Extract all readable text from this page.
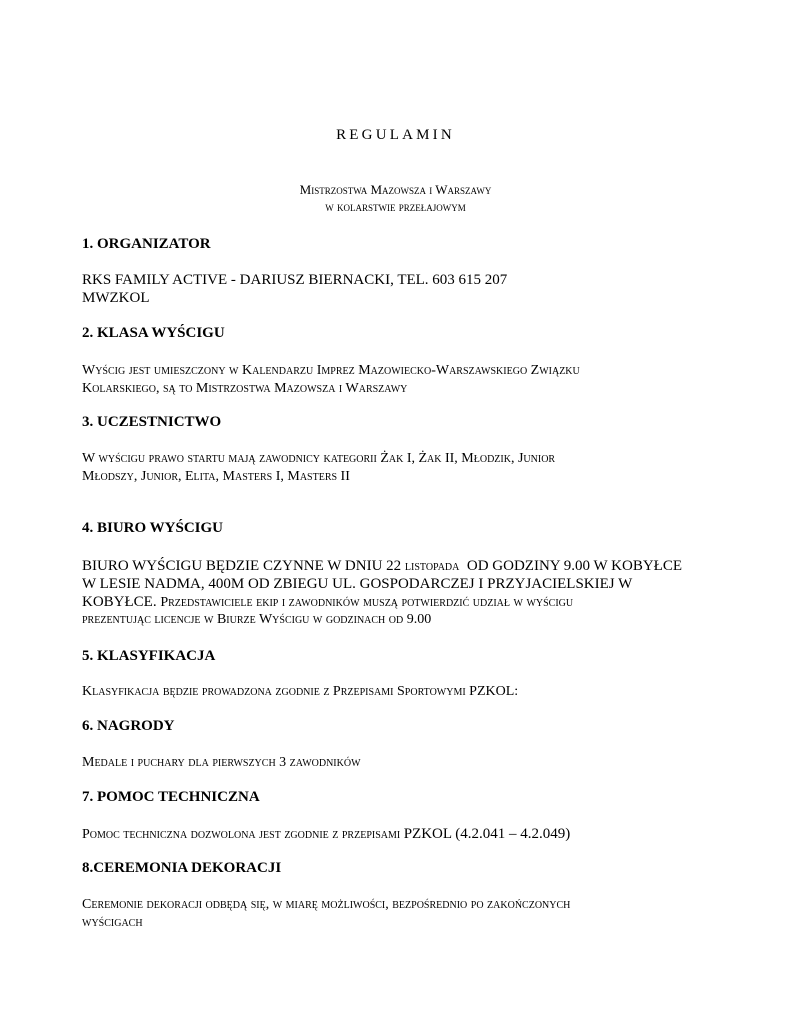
REGULAMIN
Mistrzostwa Mazowsza i Warszawy
w kolarstwie przełajowym
1. ORGANIZATOR
RKS FAMILY ACTIVE - DARIUSZ BIERNACKI, TEL. 603 615 207
MWZKOL
2. KLASA WYŚCIGU
Wyścig jest umieszczony w Kalendarzu Imprez Mazowiecko-Warszawskiego Związku
Kolarskiego, są to Mistrzostwa Mazowsza i Warszawy
3. UCZESTNICTWO
W wyścigu prawo startu mają zawodnicy kategorii Żak I, Żak II, Młodzik, Junior
Młodszy, Junior, Elita, Masters I, Masters II
4. BIURO WYŚCIGU
BIURO WYŚCIGU BĘDZIE CZYNNE W DNIU 22 listopada  OD GODZINY 9.00 W KOBYŁCE
W LESIE NADMA, 400M OD ZBIEGU UL. GOSPODARCZEJ I PRZYJACIELSKIEJ W
KOBYŁCE. Przedstawiciele ekip i zawodników muszą potwierdzić udział w wyścigu
prezentując licencje w Biurze Wyścigu w godzinach od 9.00
5. KLASYFIKACJA
Klasyfikacja będzie prowadzona zgodnie z Przepisami Sportowymi PZKOL:
6. NAGRODY
Medale i puchary dla pierwszych 3 zawodników
7. POMOC TECHNICZNA
Pomoc techniczna dozwolona jest zgodnie z przepisami PZKOL (4.2.041 – 4.2.049)
8.CEREMONIA DEKORACJI
Ceremonie dekoracji odbędą się, w miarę możliwości, bezpośrednio po zakończonych
wyścigach
